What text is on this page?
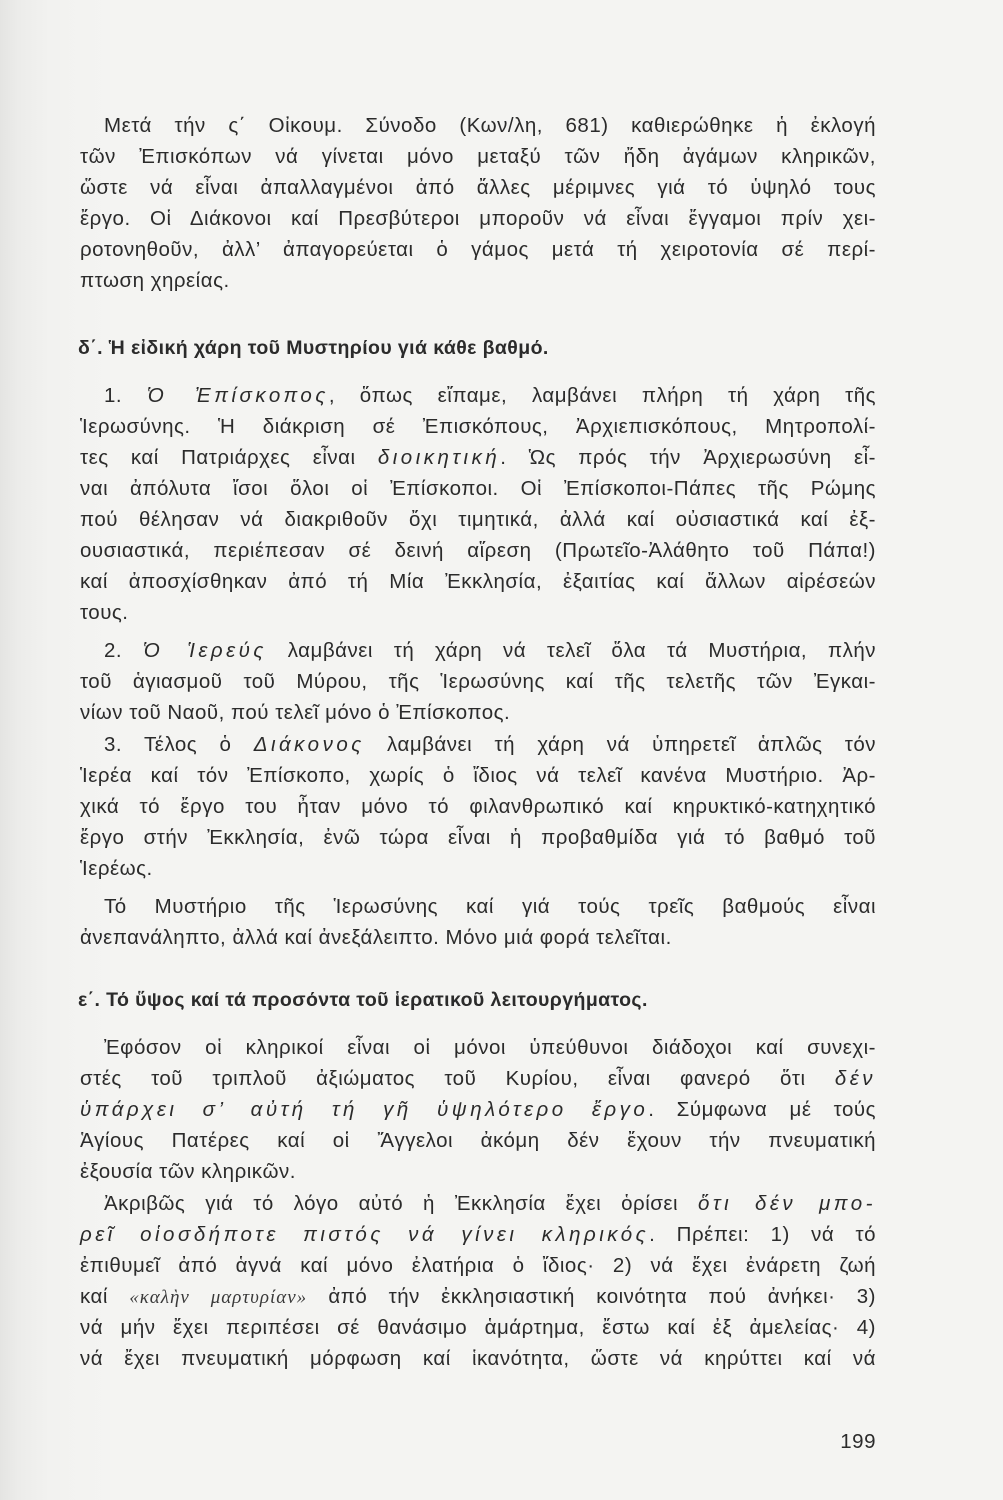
Μετά τήν ς΄ Οἰκουμ. Σύνοδο (Κων/λη, 681) καθιερώθηκε ἡ ἐκλογή
τῶν Ἐπισκόπων νά γίνεται μόνο μεταξύ τῶν ἤδη ἀγάμων κληρικῶν,
ὥστε νά εἶναι ἀπαλλαγμένοι ἀπό ἄλλες μέριμνες γιά τό ὑψηλό τους
ἔργο. Οἱ Διάκονοι καί Πρεσβύτεροι μποροῦν νά εἶναι ἔγγαμοι πρίν χει-
ροτονηθοῦν, ἀλλ’ ἀπαγορεύεται ὁ γάμος μετά τή χειροτονία σέ περί-
πτωση χηρείας.
δ΄. Ἡ εἰδική χάρη τοῦ Μυστηρίου γιά κάθε βαθμό.
1. Ὁ Ἐπίσκοπος, ὅπως εἴπαμε, λαμβάνει πλήρη τή χάρη τῆς
Ἱερωσύνης. Ἡ διάκριση σέ Ἐπισκόπους, Ἀρχιεπισκόπους, Μητροπολί-
τες καί Πατριάρχες εἶναι διοικητική. Ὡς πρός τήν Ἀρχιερωσύνη εἶ-
ναι ἀπόλυτα ἴσοι ὅλοι οἱ Ἐπίσκοποι. Οἱ Ἐπίσκοποι-Πάπες τῆς Ρώμης
πού θέλησαν νά διακριθοῦν ὄχι τιμητικά, ἀλλά καί οὐσιαστικά καί ἐξ-
ουσιαστικά, περιέπεσαν σέ δεινή αἵρεση (Πρωτεῖο-Ἀλάθητο τοῦ Πάπα!)
καί ἀποσχίσθηκαν ἀπό τή Μία Ἐκκλησία, ἐξαιτίας καί ἄλλων αἱρέσεών
τους.
2. Ὁ Ἱερεύς λαμβάνει τή χάρη νά τελεῖ ὅλα τά Μυστήρια, πλήν
τοῦ ἁγιασμοῦ τοῦ Μύρου, τῆς Ἱερωσύνης καί τῆς τελετῆς τῶν Ἐγκαι-
νίων τοῦ Ναοῦ, πού τελεῖ μόνο ὁ Ἐπίσκοπος.
3. Τέλος ὁ Διάκονος λαμβάνει τή χάρη νά ὑπηρετεῖ ἁπλῶς τόν
Ἱερέα καί τόν Ἐπίσκοπο, χωρίς ὁ ἴδιος νά τελεῖ κανένα Μυστήριο. Ἀρ-
χικά τό ἔργο του ἦταν μόνο τό φιλανθρωπικό καί κηρυκτικό-κατηχητικό
ἔργο στήν Ἐκκλησία, ἐνῶ τώρα εἶναι ἡ προβαθμίδα γιά τό βαθμό τοῦ
Ἱερέως.
Τό Μυστήριο τῆς Ἱερωσύνης καί γιά τούς τρεῖς βαθμούς εἶναι
ἀνεπανάληπτο, ἀλλά καί ἀνεξάλειπτο. Μόνο μιά φορά τελεῖται.
ε΄. Τό ὕψος καί τά προσόντα τοῦ ἱερατικοῦ λειτουργήματος.
Ἐφόσον οἱ κληρικοί εἶναι οἱ μόνοι ὑπεύθυνοι διάδοχοι καί συνεχι-
στές τοῦ τριπλοῦ ἀξιώματος τοῦ Κυρίου, εἶναι φανερό ὅτι δέν
ὑπάρχει σ’ αὐτή τή γῆ ὑψηλότερο ἔργο. Σύμφωνα μέ τούς
Ἁγίους Πατέρες καί οἱ Ἄγγελοι ἀκόμη δέν ἔχουν τήν πνευματική
ἐξουσία τῶν κληρικῶν.
Ἀκριβῶς γιά τό λόγο αὐτό ἡ Ἐκκλησία ἔχει ὁρίσει ὅτι δέν μπο-
ρεῖ οἱοσδήποτε πιστός νά γίνει κληρικός. Πρέπει: 1) νά τό
ἐπιθυμεῖ ἀπό ἁγνά καί μόνο ἐλατήρια ὁ ἴδιος· 2) νά ἔχει ἐνάρετη ζωή
καί «καλὴν μαρτυρίαν» ἀπό τήν ἐκκλησιαστική κοινότητα πού ἀνήκει· 3)
νά μήν ἔχει περιπέσει σέ θανάσιμο ἁμάρτημα, ἔστω καί ἐξ ἀμελείας· 4)
νά ἔχει πνευματική μόρφωση καί ἱκανότητα, ὥστε νά κηρύττει καί νά
199
